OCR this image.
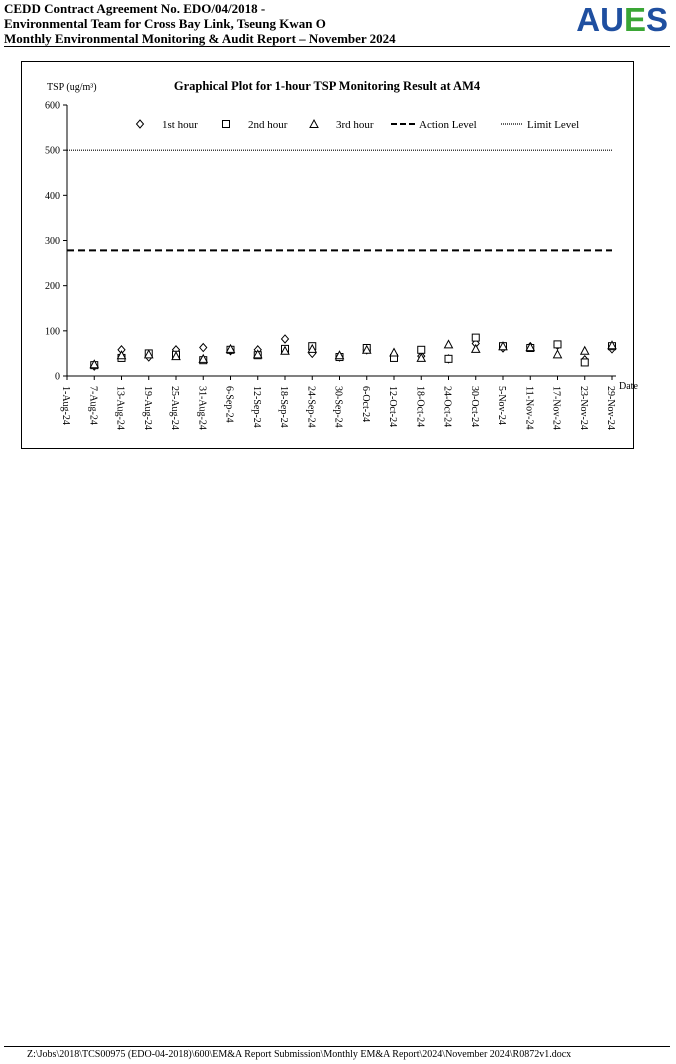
CEDD Contract Agreement No. EDO/04/2018 -
Environmental Team for Cross Bay Link, Tseung Kwan O
Monthly Environmental Monitoring & Audit Report – November 2024
AUES
Graphical Plot for 1-hour TSP Monitoring Result at AM4
TSP (ug/m³)
0
100
200
300
400
500
600
1-Aug-24 7-Aug-24 13-Aug-24 19-Aug-24 25-Aug-24 31-Aug-24 6-Sep-24 12-Sep-24 18-Sep-24 24-Sep-24 30-Sep-24 6-Oct-24 12-Oct-24 18-Oct-24 24-Oct-24 30-Oct-24 5-Nov-24 11-Nov-24 17-Nov-24 23-Nov-24 29-Nov-24 Date
1st hour	2nd hour	3rd hour	Action Level	Limit Level
Z:\Jobs\2018\TCS00975 (EDO-04-2018)\600\EM&A Report Submission\Monthly EM&A Report\2024\November 2024\R0872v1.docx
